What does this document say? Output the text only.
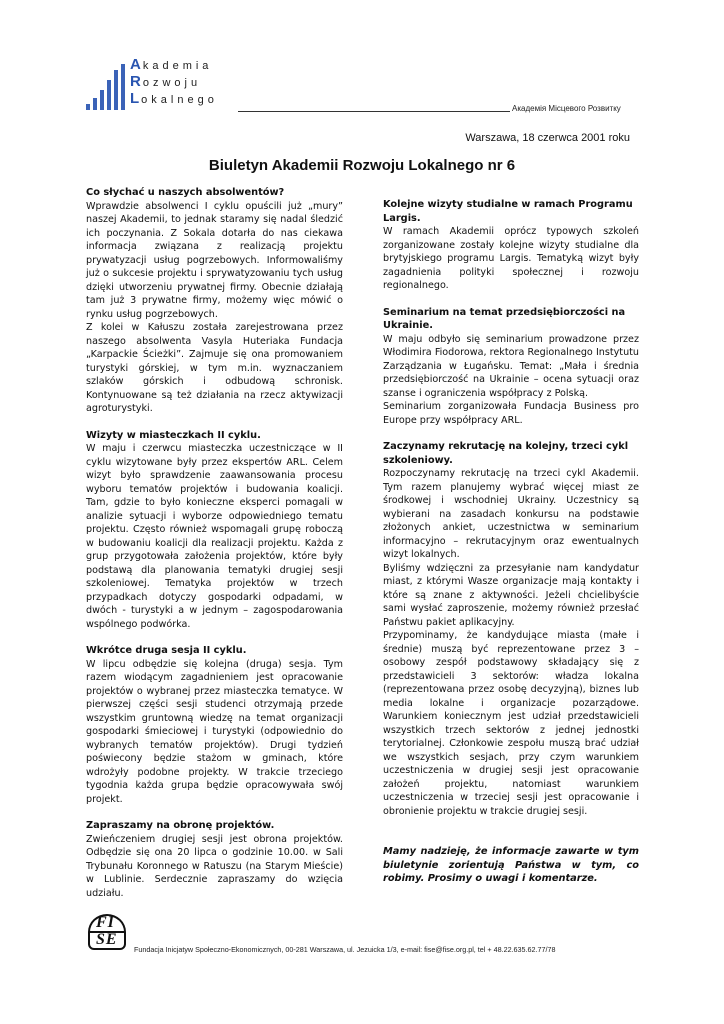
Akademia
Rozwoju
Lokalnego
Академія Місцевого Розвитку
Warszawa, 18 czerwca 2001 roku
Biuletyn Akademii Rozwoju Lokalnego nr 6
Co słychać u naszych absolwentów?

Wprawdzie absolwenci I cyklu opuścili już „mury” naszej Akademii, to jednak staramy się nadal śledzić ich poczynania. Z Sokala dotarła do nas ciekawa informacja związana z realizacją projektu prywatyzacji usług pogrzebowych. Informowaliśmy już o sukcesie projektu i sprywatyzowaniu tych usług dzięki utworzeniu prywatnej firmy. Obecnie działają tam już 3 prywatne firmy, możemy więc mówić o rynku usług pogrzebowych.
Z kolei w Kałuszu została zarejestrowana przez naszego absolwenta Vasyla Huteriaka Fundacja „Karpackie Ścieżki”. Zajmuje się ona promowaniem turystyki górskiej, w tym m.in. wyznaczaniem szlaków górskich i odbudową schronisk. Kontynuowane są też działania na rzecz aktywizacji agroturystyki.

Wizyty w miasteczkach II cyklu.

W maju i czerwcu miasteczka uczestniczące w II cyklu wizytowane były przez ekspertów ARL. Celem wizyt było sprawdzenie zaawansowania procesu wyboru tematów projektów i budowania koalicji. Tam, gdzie to było konieczne eksperci pomagali w analizie sytuacji i wyborze odpowiedniego tematu projektu. Często również wspomagali grupę roboczą w budowaniu koalicji dla realizacji projektu. Każda z grup przygotowała założenia projektów, które były podstawą dla planowania tematyki drugiej sesji szkoleniowej. Tematyka projektów w trzech przypadkach dotyczy gospodarki odpadami, w dwóch - turystyki a w jednym – zagospodarowania wspólnego podwórka.

Wkrótce druga sesja II cyklu.

W lipcu odbędzie się kolejna (druga) sesja. Tym razem wiodącym zagadnieniem jest opracowanie projektów o wybranej przez miasteczka tematyce. W pierwszej części sesji studenci otrzymają przede wszystkim gruntowną wiedzę na temat organizacji gospodarki śmieciowej i turystyki (odpowiednio do wybranych tematów projektów). Drugi tydzień poświecony będzie stażom w gminach, które wdrożyły podobne projekty. W trakcie trzeciego tygodnia każda grupa będzie opracowywała swój projekt.

Zapraszamy na obronę projektów.

Zwieńczeniem drugiej sesji jest obrona projektów. Odbędzie się ona 20 lipca o godzinie 10.00. w Sali Trybunału Koronnego w Ratuszu (na Starym Mieście) w Lublinie. Serdecznie zapraszamy do wzięcia udziału.

Kolejne wizyty studialne w ramach Programu Largis.

W ramach Akademii oprócz typowych szkoleń zorganizowane zostały kolejne wizyty studialne dla brytyjskiego programu Largis. Tematyką wizyt były zagadnienia polityki społecznej i rozwoju regionalnego.

Seminarium na temat przedsiębiorczości na Ukrainie.

W maju odbyło się seminarium prowadzone przez Włodimira Fiodorowa, rektora Regionalnego Instytutu Zarządzania w Ługańsku. Temat: „Mała i średnia przedsiębiorczość na Ukrainie – ocena sytuacji oraz szanse i ograniczenia współpracy z Polską.
Seminarium zorganizowała Fundacja Business pro Europe przy współpracy ARL.

Zaczynamy rekrutację na kolejny, trzeci cykl szkoleniowy.

Rozpoczynamy rekrutację na trzeci cykl Akademii. Tym razem planujemy wybrać więcej miast ze środkowej i wschodniej Ukrainy. Uczestnicy są wybierani na zasadach konkursu na podstawie złożonych ankiet, uczestnictwa w seminarium informacyjno – rekrutacyjnym oraz ewentualnych wizyt lokalnych.
Byliśmy wdzięczni za przesyłanie nam kandydatur miast, z którymi Wasze organizacje mają kontakty i które są znane z aktywności. Jeżeli chcielibyście sami wysłać zaproszenie, możemy również przesłać Państwu pakiet aplikacyjny.
Przypominamy, że kandydujące miasta (małe i średnie) muszą być reprezentowane przez 3 – osobowy zespół podstawowy składający się z przedstawicieli 3 sektorów: władza lokalna (reprezentowana przez osobę decyzyjną), biznes lub media lokalne i organizacje pozarządowe. Warunkiem koniecznym jest udział przedstawicieli wszystkich trzech sektorów z jednej jednostki terytorialnej. Członkowie zespołu muszą brać udział we wszystkich sesjach, przy czym warunkiem uczestniczenia w drugiej sesji jest opracowanie założeń projektu, natomiast warunkiem uczestniczenia w trzeciej sesji jest opracowanie i obronienie projektu w trakcie drugiej sesji.

Mamy nadzieję, że informacje zawarte w tym biuletynie zorientują Państwa w tym, co robimy. Prosimy o uwagi i komentarze.

FI
SE
Fundacja Inicjatyw Społeczno-Ekonomicznych, 00-281 Warszawa, ul. Jezuicka 1/3, e-mail: fise@fise.org.pl, tel + 48.22.635.62.77/78
